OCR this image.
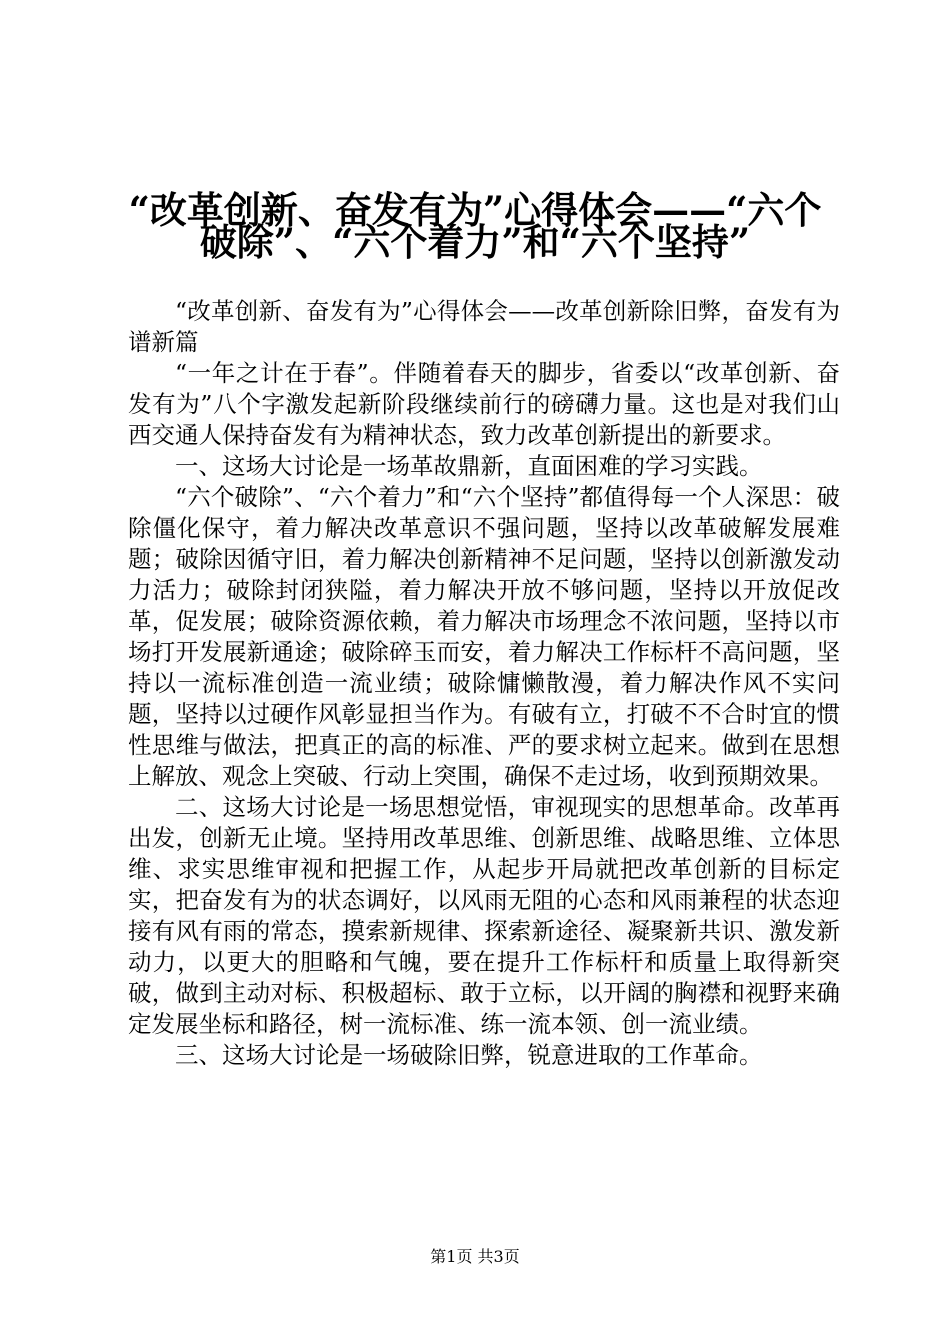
“改革创新、奋发有为”心得体会——“六个
破除”、“六个着力”和“六个坚持”

“改革创新、奋发有为”心得体会——改革创新除旧弊，奋发有为谱新篇

“一年之计在于春”。伴随着春天的脚步，省委以“改革创新、奋发有为”八个字激发起新阶段继续前行的磅礴力量。这也是对我们山西交通人保持奋发有为精神状态，致力改革创新提出的新要求。

一、这场大讨论是一场革故鼎新，直面困难的学习实践。

“六个破除”、“六个着力”和“六个坚持”都值得每一个人深思：破除僵化保守，着力解决改革意识不强问题，坚持以改革破解发展难题；破除因循守旧，着力解决创新精神不足问题，坚持以创新激发动力活力；破除封闭狭隘，着力解决开放不够问题，坚持以开放促改革，促发展；破除资源依赖，着力解决市场理念不浓问题，坚持以市场打开发展新通途；破除碎玉而安，着力解决工作标杆不高问题，坚持以一流标准创造一流业绩；破除慵懒散漫，着力解决作风不实问题，坚持以过硬作风彰显担当作为。有破有立，打破不不合时宜的惯性思维与做法，把真正的高的标准、严的要求树立起来。做到在思想上解放、观念上突破、行动上突围，确保不走过场，收到预期效果。

二、这场大讨论是一场思想觉悟，审视现实的思想革命。改革再出发，创新无止境。坚持用改革思维、创新思维、战略思维、立体思维、求实思维审视和把握工作，从起步开局就把改革创新的目标定实，把奋发有为的状态调好，以风雨无阻的心态和风雨兼程的状态迎接有风有雨的常态，摸索新规律、探索新途径、凝聚新共识、激发新动力，以更大的胆略和气魄，要在提升工作标杆和质量上取得新突破，做到主动对标、积极超标、敢于立标，以开阔的胸襟和视野来确定发展坐标和路径，树一流标准、练一流本领、创一流业绩。

三、这场大讨论是一场破除旧弊，锐意进取的工作革命。

第1页 共3页
